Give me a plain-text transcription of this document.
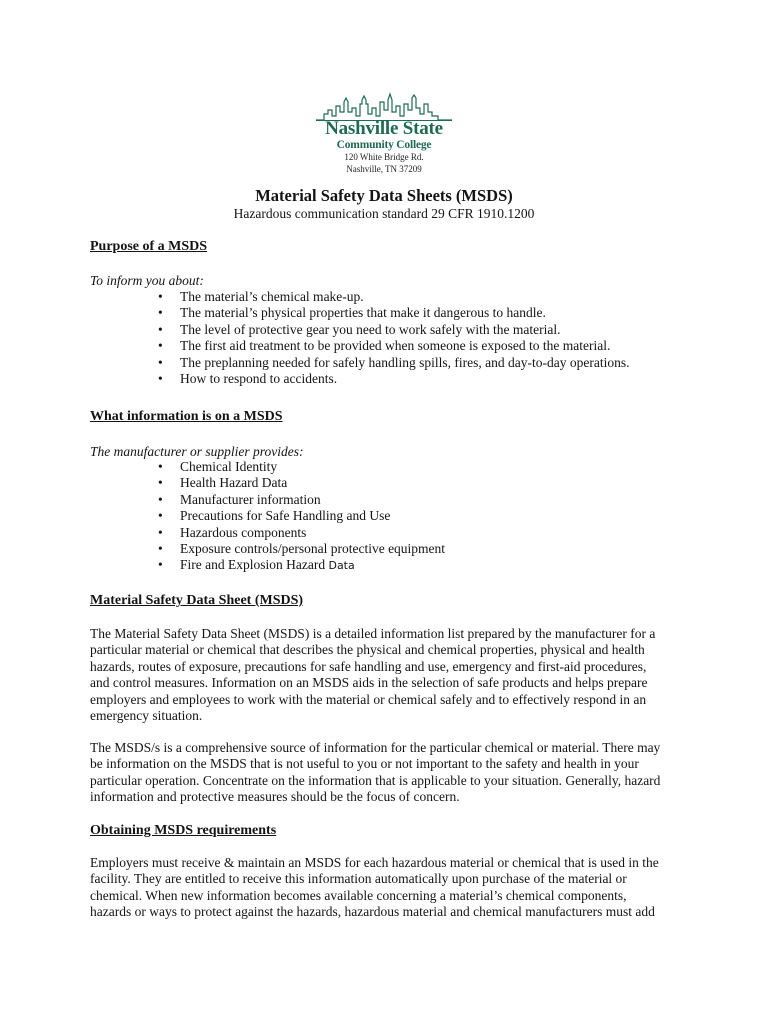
Nashville State
Community College
120 White Bridge Rd.
Nashville, TN 37209
Material Safety Data Sheets (MSDS)
Hazardous communication standard 29 CFR 1910.1200
Purpose of a MSDS
To inform you about:
• The material’s chemical make-up.
• The material’s physical properties that make it dangerous to handle.
• The level of protective gear you need to work safely with the material.
• The first aid treatment to be provided when someone is exposed to the material.
• The preplanning needed for safely handling spills, fires, and day-to-day operations.
• How to respond to accidents.
What information is on a MSDS
The manufacturer or supplier provides:
• Chemical Identity
• Health Hazard Data
• Manufacturer information
• Precautions for Safe Handling and Use
• Hazardous components
• Exposure controls/personal protective equipment
• Fire and Explosion Hazard Data
Material Safety Data Sheet (MSDS)
The Material Safety Data Sheet (MSDS) is a detailed information list prepared by the manufacturer for a
particular material or chemical that describes the physical and chemical properties, physical and health
hazards, routes of exposure, precautions for safe handling and use, emergency and first-aid procedures,
and control measures. Information on an MSDS aids in the selection of safe products and helps prepare
employers and employees to work with the material or chemical safely and to effectively respond in an
emergency situation.
The MSDS/s is a comprehensive source of information for the particular chemical or material. There may
be information on the MSDS that is not useful to you or not important to the safety and health in your
particular operation. Concentrate on the information that is applicable to your situation. Generally, hazard
information and protective measures should be the focus of concern.
Obtaining MSDS requirements
Employers must receive & maintain an MSDS for each hazardous material or chemical that is used in the
facility. They are entitled to receive this information automatically upon purchase of the material or
chemical. When new information becomes available concerning a material’s chemical components,
hazards or ways to protect against the hazards, hazardous material and chemical manufacturers must add
